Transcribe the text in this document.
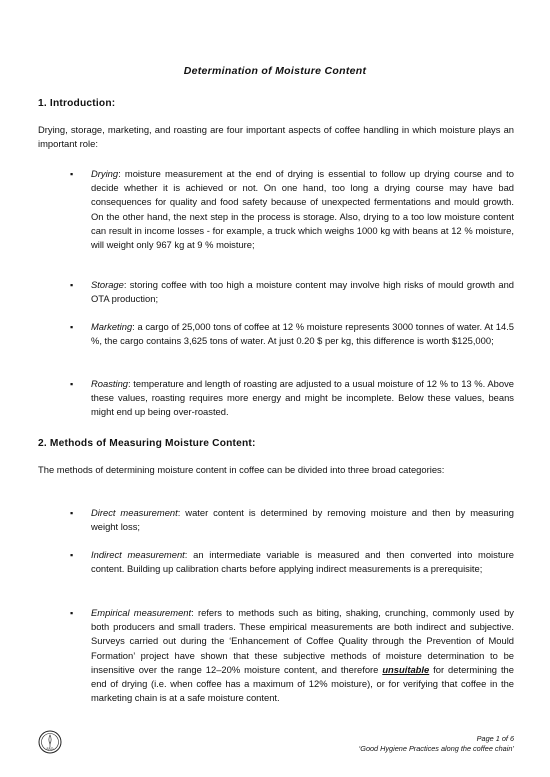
Determination of Moisture Content
1. Introduction:

Drying, storage, marketing, and roasting are four important aspects of coffee handling in which moisture plays an important role:

▪ Drying: moisture measurement at the end of drying is essential to follow up drying course and to decide whether it is achieved or not. On one hand, too long a drying course may have bad consequences for quality and food safety because of unexpected fermentations and mould growth. On the other hand, the next step in the process is storage. Also, drying to a too low moisture content can result in income losses - for example, a truck which weighs 1000 kg with beans at 12 % moisture, will weight only 967 kg at 9 % moisture;

▪ Storage: storing coffee with too high a moisture content may involve high risks of mould growth and OTA production;

▪ Marketing: a cargo of 25,000 tons of coffee at 12 % moisture represents 3000 tonnes of water. At 14.5 %, the cargo contains 3,625 tons of water. At just 0.20 $ per kg, this difference is worth $125,000;

▪ Roasting: temperature and length of roasting are adjusted to a usual moisture of 12 % to 13 %. Above these values, roasting requires more energy and might be incomplete. Below these values, beans might end up being over-roasted.

2. Methods of Measuring Moisture Content:

The methods of determining moisture content in coffee can be divided into three broad categories:

▪ Direct measurement: water content is determined by removing moisture and then by measuring weight loss;

▪ Indirect measurement: an intermediate variable is measured and then converted into moisture content. Building up calibration charts before applying indirect measurements is a prerequisite;

▪ Empirical measurement: refers to methods such as biting, shaking, crunching, commonly used by both producers and small traders. These empirical measurements are both indirect and subjective. Surveys carried out during the ‘Enhancement of Coffee Quality through the Prevention of Mould Formation’ project have shown that these subjective methods of moisture determination to be insensitive over the range 12–20% moisture content, and therefore unsuitable for determining the end of drying (i.e. when coffee has a maximum of 12% moisture), or for verifying that coffee in the marketing chain is at a safe moisture content.

FAO
Page 1 of 6
‘Good Hygiene Practices along the coffee chain’
